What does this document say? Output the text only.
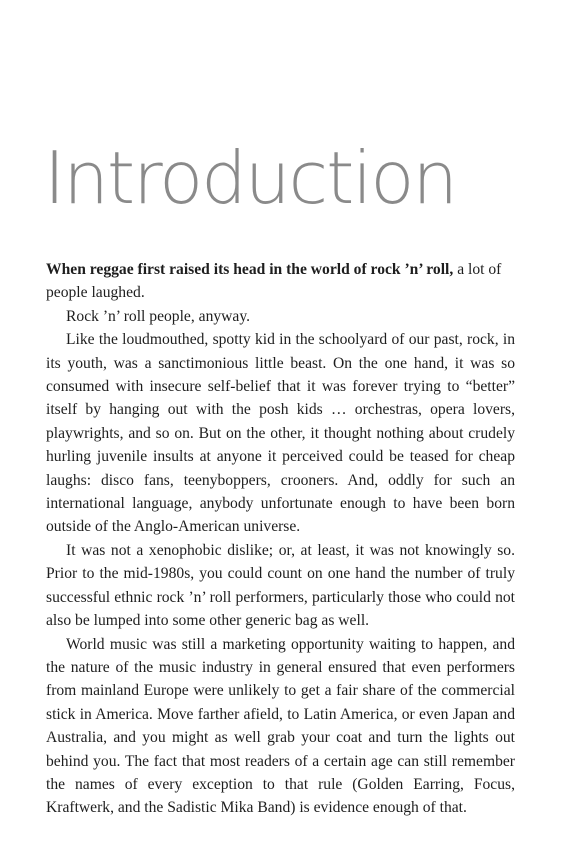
Introduction

When reggae first raised its head in the world of rock ’n’ roll, a lot of people laughed.

Rock ’n’ roll people, anyway.

Like the loudmouthed, spotty kid in the schoolyard of our past, rock, in its youth, was a sanctimonious little beast. On the one hand, it was so consumed with insecure self-belief that it was forever trying to “better” itself by hanging out with the posh kids … orchestras, opera lovers, playwrights, and so on. But on the other, it thought nothing about crudely hurling juvenile insults at anyone it perceived could be teased for cheap laughs: disco fans, teenyboppers, crooners. And, oddly for such an international language, anybody unfortunate enough to have been born outside of the Anglo-American universe.

It was not a xenophobic dislike; or, at least, it was not knowingly so. Prior to the mid-1980s, you could count on one hand the number of truly successful ethnic rock ’n’ roll performers, particularly those who could not also be lumped into some other generic bag as well.

World music was still a marketing opportunity waiting to happen, and the nature of the music industry in general ensured that even performers from mainland Europe were unlikely to get a fair share of the commercial stick in America. Move farther afield, to Latin America, or even Japan and Australia, and you might as well grab your coat and turn the lights out behind you. The fact that most readers of a certain age can still remember the names of every exception to that rule (Golden Earring, Focus, Kraftwerk, and the Sadistic Mika Band) is evidence enough of that.
